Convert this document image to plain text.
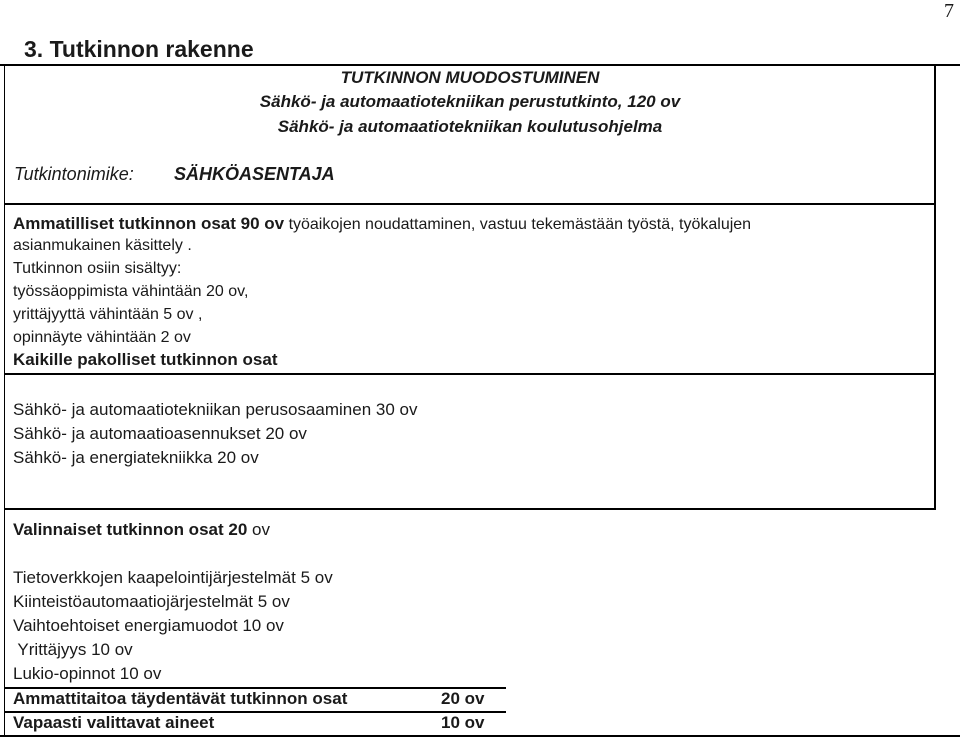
7
3. Tutkinnon rakenne
TUTKINNON MUODOSTUMINEN
Sähkö- ja automaatiotekniikan perustutkinto, 120 ov
Sähkö- ja automaatiotekniikan koulutusohjelma
Tutkintonimike: SÄHKÖASENTAJA
Ammatilliset tutkinnon osat 90 ov työaikojen noudattaminen, vastuu tekemästään työstä, työkalujen
asianmukainen käsittely .
Tutkinnon osiin sisältyy:
työssäoppimista vähintään 20 ov,
yrittäjyyttä vähintään 5 ov ,
opinnäyte vähintään 2 ov
Kaikille pakolliset tutkinnon osat
Sähkö- ja automaatiotekniikan perusosaaminen 30 ov
Sähkö- ja automaatioasennukset 20 ov
Sähkö- ja energiatekniikka 20 ov
Valinnaiset tutkinnon osat 20 ov
Tietoverkkojen kaapelointijärjestelmät 5 ov
Kiinteistöautomaatiojärjestelmät 5 ov
Vaihtoehtoiset energiamuodot 10 ov
Yrittäjyys 10 ov
Lukio-opinnot 10 ov
Ammattitaitoa täydentävät tutkinnon osat	20 ov
Vapaasti valittavat aineet	10 ov
